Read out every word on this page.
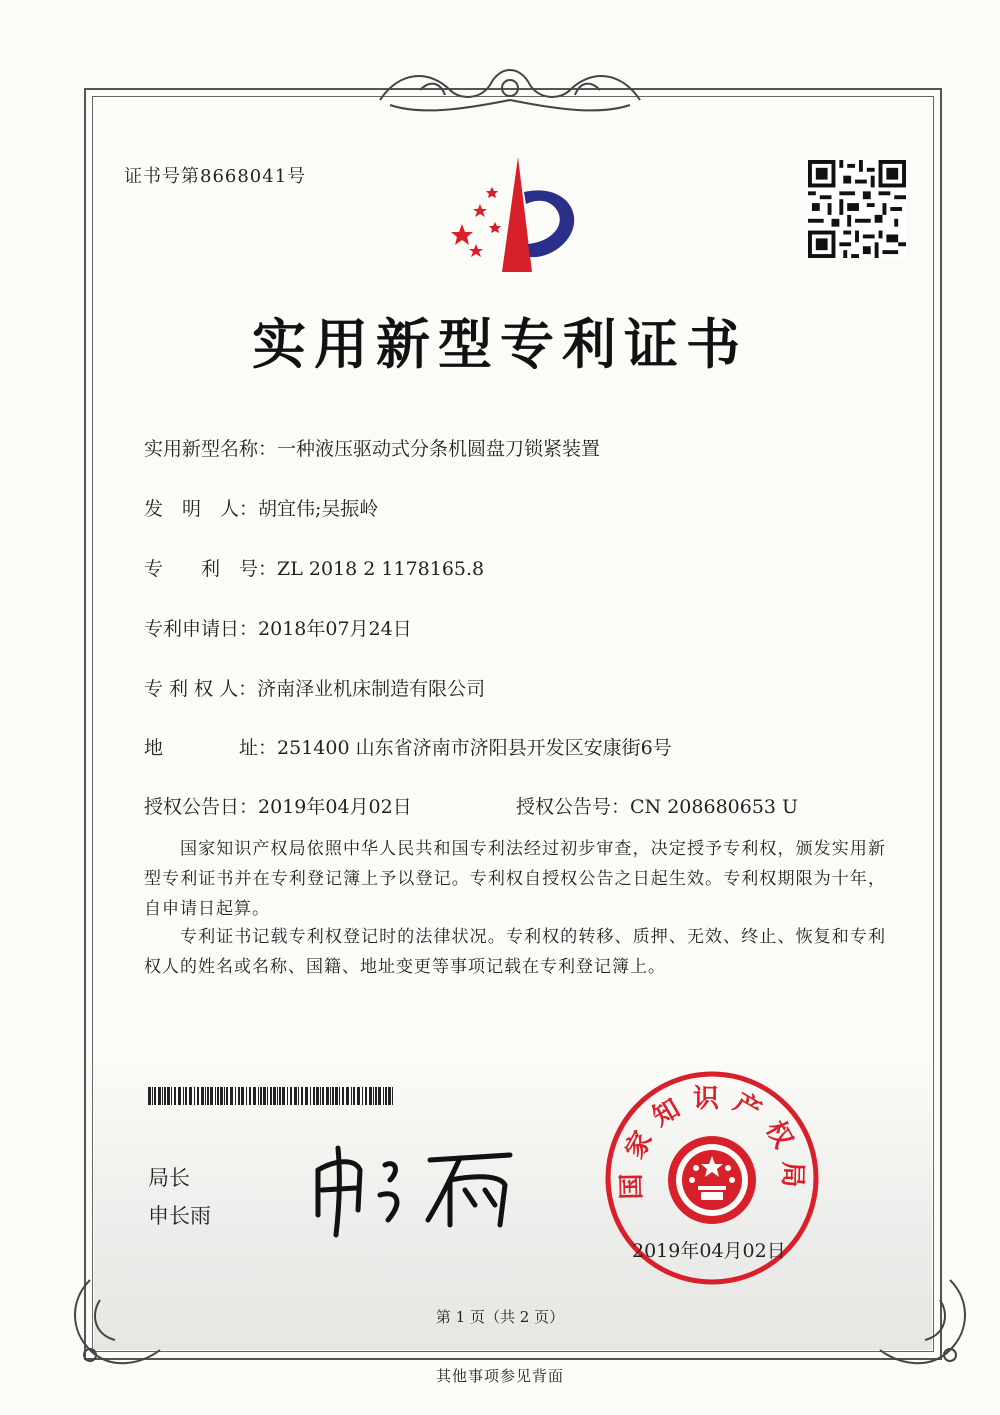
证书号第8668041号
实用新型专利证书
实用新型名称：一种液压驱动式分条机圆盘刀锁紧装置
发　明　人：胡宜伟;吴振岭
专　　利　号：ZL 2018 2 1178165.8
专利申请日：2018年07月24日
专 利 权 人：济南泽业机床制造有限公司
地　　　　址：251400 山东省济南市济阳县开发区安康街6号
授权公告日：2019年04月02日	授权公告号：CN 208680653 U
国家知识产权局依照中华人民共和国专利法经过初步审查，决定授予专利权，颁发实用新型专利证书并在专利登记簿上予以登记。专利权自授权公告之日起生效。专利权期限为十年，自申请日起算。
专利证书记载专利权登记时的法律状况。专利权的转移、质押、无效、终止、恢复和专利权人的姓名或名称、国籍、地址变更等事项记载在专利登记簿上。
局长
申长雨
国家知识产权局
2019年04月02日
第 1 页（共 2 页）
其他事项参见背面
